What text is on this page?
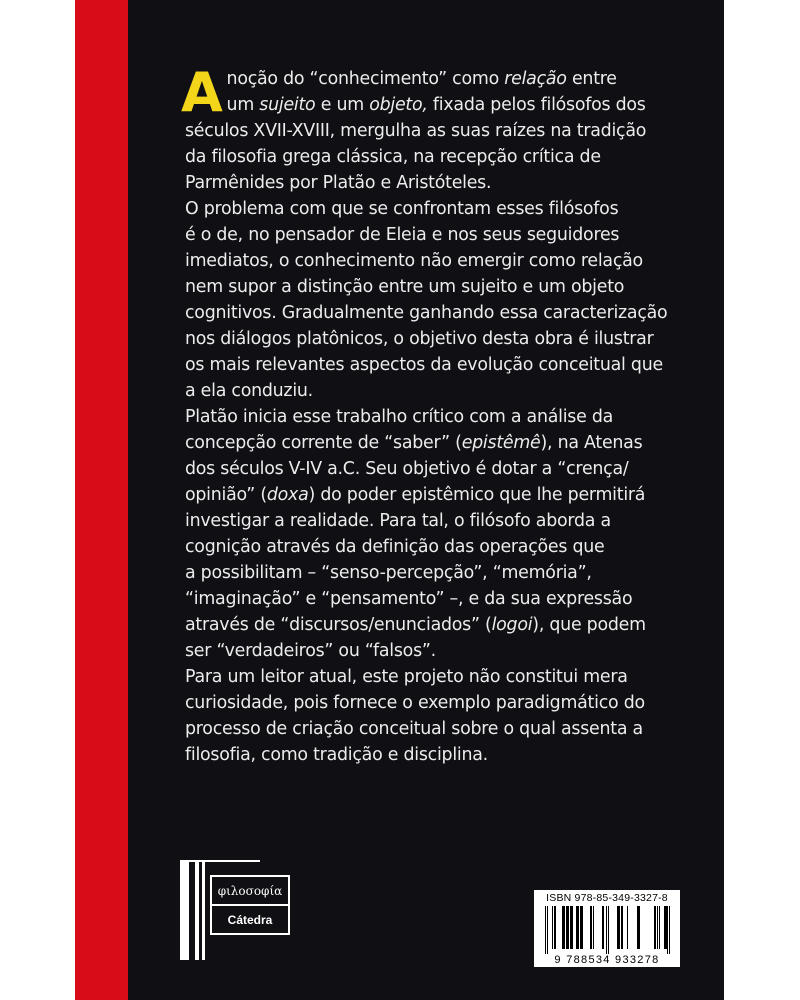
A noção do “conhecimento” como relação entre
um sujeito e um objeto, fixada pelos filósofos dos
séculos XVII-XVIII, mergulha as suas raízes na tradição
da filosofia grega clássica, na recepção crítica de
Parmênides por Platão e Aristóteles.

O problema com que se confrontam esses filósofos
é o de, no pensador de Eleia e nos seus seguidores
imediatos, o conhecimento não emergir como relação
nem supor a distinção entre um sujeito e um objeto
cognitivos. Gradualmente ganhando essa caracterização
nos diálogos platônicos, o objetivo desta obra é ilustrar
os mais relevantes aspectos da evolução conceitual que
a ela conduziu.

Platão inicia esse trabalho crítico com a análise da
concepção corrente de “saber” (epistêmê), na Atenas
dos séculos V-IV a.C. Seu objetivo é dotar a “crença/
opinião” (doxa) do poder epistêmico que lhe permitirá
investigar a realidade. Para tal, o filósofo aborda a
cognição através da definição das operações que
a possibilitam – “senso-percepção”, “memória”,
“imaginação” e “pensamento” –, e da sua expressão
através de “discursos/enunciados” (logoi), que podem
ser “verdadeiros” ou “falsos”.

Para um leitor atual, este projeto não constitui mera
curiosidade, pois fornece o exemplo paradigmático do
processo de criação conceitual sobre o qual assenta a
filosofia, como tradição e disciplina.

φιλοσοφία
Cátedra
ISBN 978-85-349-3327-8
9 788534 933278
